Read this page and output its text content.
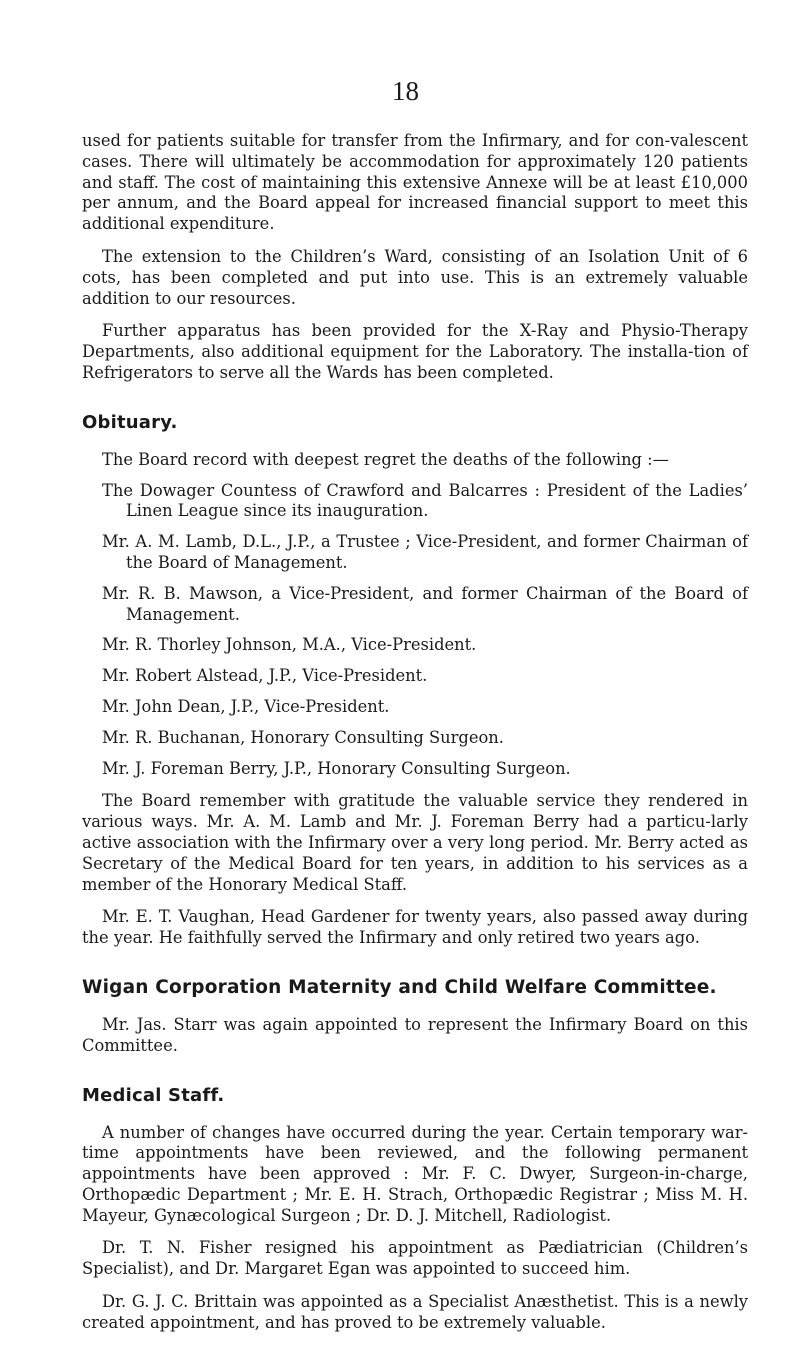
18

used for patients suitable for transfer from the Infirmary, and for con-valescent cases. There will ultimately be accommodation for approximately 120 patients and staff. The cost of maintaining this extensive Annexe will be at least £10,000 per annum, and the Board appeal for increased financial support to meet this additional expenditure.

The extension to the Children’s Ward, consisting of an Isolation Unit of 6 cots, has been completed and put into use. This is an extremely valuable addition to our resources.

Further apparatus has been provided for the X-Ray and Physio-Therapy Departments, also additional equipment for the Laboratory. The installa-tion of Refrigerators to serve all the Wards has been completed.

Obituary.

The Board record with deepest regret the deaths of the following :—

The Dowager Countess of Crawford and Balcarres : President of the Ladies’ Linen League since its inauguration.

Mr. A. M. Lamb, D.L., J.P., a Trustee ; Vice-President, and former Chairman of the Board of Management.

Mr. R. B. Mawson, a Vice-President, and former Chairman of the Board of Management.

Mr. R. Thorley Johnson, M.A., Vice-President.

Mr. Robert Alstead, J.P., Vice-President.

Mr. John Dean, J.P., Vice-President.

Mr. R. Buchanan, Honorary Consulting Surgeon.

Mr. J. Foreman Berry, J.P., Honorary Consulting Surgeon.

The Board remember with gratitude the valuable service they rendered in various ways. Mr. A. M. Lamb and Mr. J. Foreman Berry had a particu-larly active association with the Infirmary over a very long period. Mr. Berry acted as Secretary of the Medical Board for ten years, in addition to his services as a member of the Honorary Medical Staff.

Mr. E. T. Vaughan, Head Gardener for twenty years, also passed away during the year. He faithfully served the Infirmary and only retired two years ago.

Wigan Corporation Maternity and Child Welfare Committee.

Mr. Jas. Starr was again appointed to represent the Infirmary Board on this Committee.

Medical Staff.

A number of changes have occurred during the year. Certain temporary war-time appointments have been reviewed, and the following permanent appointments have been approved : Mr. F. C. Dwyer, Surgeon-in-charge, Orthopædic Department ; Mr. E. H. Strach, Orthopædic Registrar ; Miss M. H. Mayeur, Gynæcological Surgeon ; Dr. D. J. Mitchell, Radiologist.

Dr. T. N. Fisher resigned his appointment as Pædiatrician (Children’s Specialist), and Dr. Margaret Egan was appointed to succeed him.

Dr. G. J. C. Brittain was appointed as a Specialist Anæsthetist. This is a newly created appointment, and has proved to be extremely valuable.
